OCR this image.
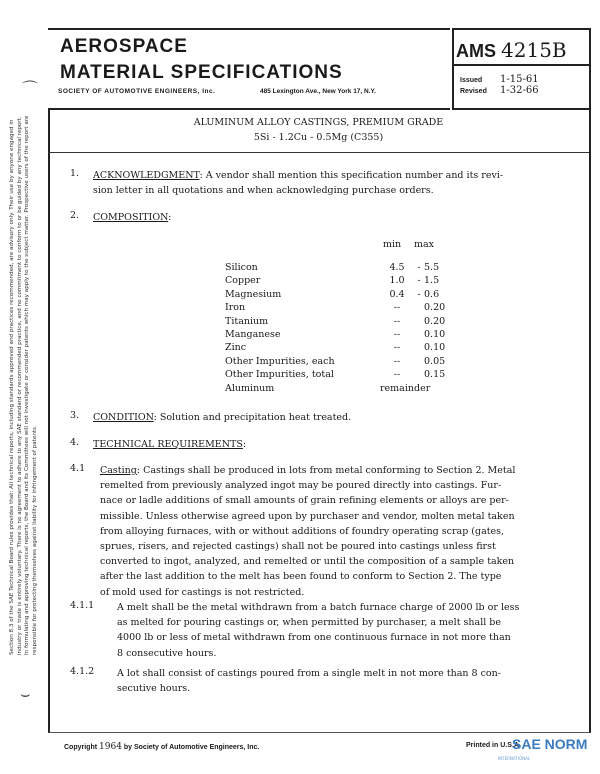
Section 8.3 of the SAE Technical Board rules provides that: All technical reports, including standards approved and practices recommended, are advisory only. Their use by anyone engaged in industry or trade is entirely voluntary. There is no agreement to adhere to any SAE standard or recommended practice, and no commitment to conform to or be guided by any technical report. In formulating and approving technical reports, the Board and its Committees will not investigate or consider patents which may apply to the subject matter. Prospective users of the report are responsible for protecting themselves against liability for infringement of patents.
⌒
⌣
AEROSPACE
MATERIAL SPECIFICATIONS
SOCIETY OF AUTOMOTIVE ENGINEERS, Inc.	485 Lexington Ave., New York 17, N.Y.
AMS 4215B
Issued 1-15-61
Revised 1-32-66
ALUMINUM ALLOY CASTINGS, PREMIUM GRADE
5Si - 1.2Cu - 0.5Mg (C355)
1. ACKNOWLEDGMENT: A vendor shall mention this specification number and its revi-
sion letter in all quotations and when acknowledging purchase orders.
2. COMPOSITION:
min max
Silicon	4.5	-	5.5
Copper	1.0	-	1.5
Magnesium	0.4	-	0.6
Iron	--		0.20
Titanium	--		0.20
Manganese	--		0.10
Zinc	--		0.10
Other Impurities, each	--		0.05
Other Impurities, total	--		0.15
Aluminum	remainder		
3. CONDITION: Solution and precipitation heat treated.
4. TECHNICAL REQUIREMENTS:
4.1 Casting: Castings shall be produced in lots from metal conforming to Section 2. Metal
remelted from previously analyzed ingot may be poured directly into castings. Fur-
nace or ladle additions of small amounts of grain refining elements or alloys are per-
missible. Unless otherwise agreed upon by purchaser and vendor, molten metal taken
from alloying furnaces, with or without additions of foundry operating scrap (gates,
sprues, risers, and rejected castings) shall not be poured into castings unless first
converted to ingot, analyzed, and remelted or until the composition of a sample taken
after the last addition to the melt has been found to conform to Section 2. The type
of mold used for castings is not restricted.
4.1.1 A melt shall be the metal withdrawn from a batch furnace charge of 2000 lb or less
as melted for pouring castings or, when permitted by purchaser, a melt shall be
4000 lb or less of metal withdrawn from one continuous furnace in not more than
8 consecutive hours.
4.1.2 A lot shall consist of castings poured from a single melt in not more than 8 con-
secutive hours.
Copyright 1964 by Society of Automotive Engineers, Inc.	Printed in U.S.A.
SAE NORM
INTERNATIONAL
